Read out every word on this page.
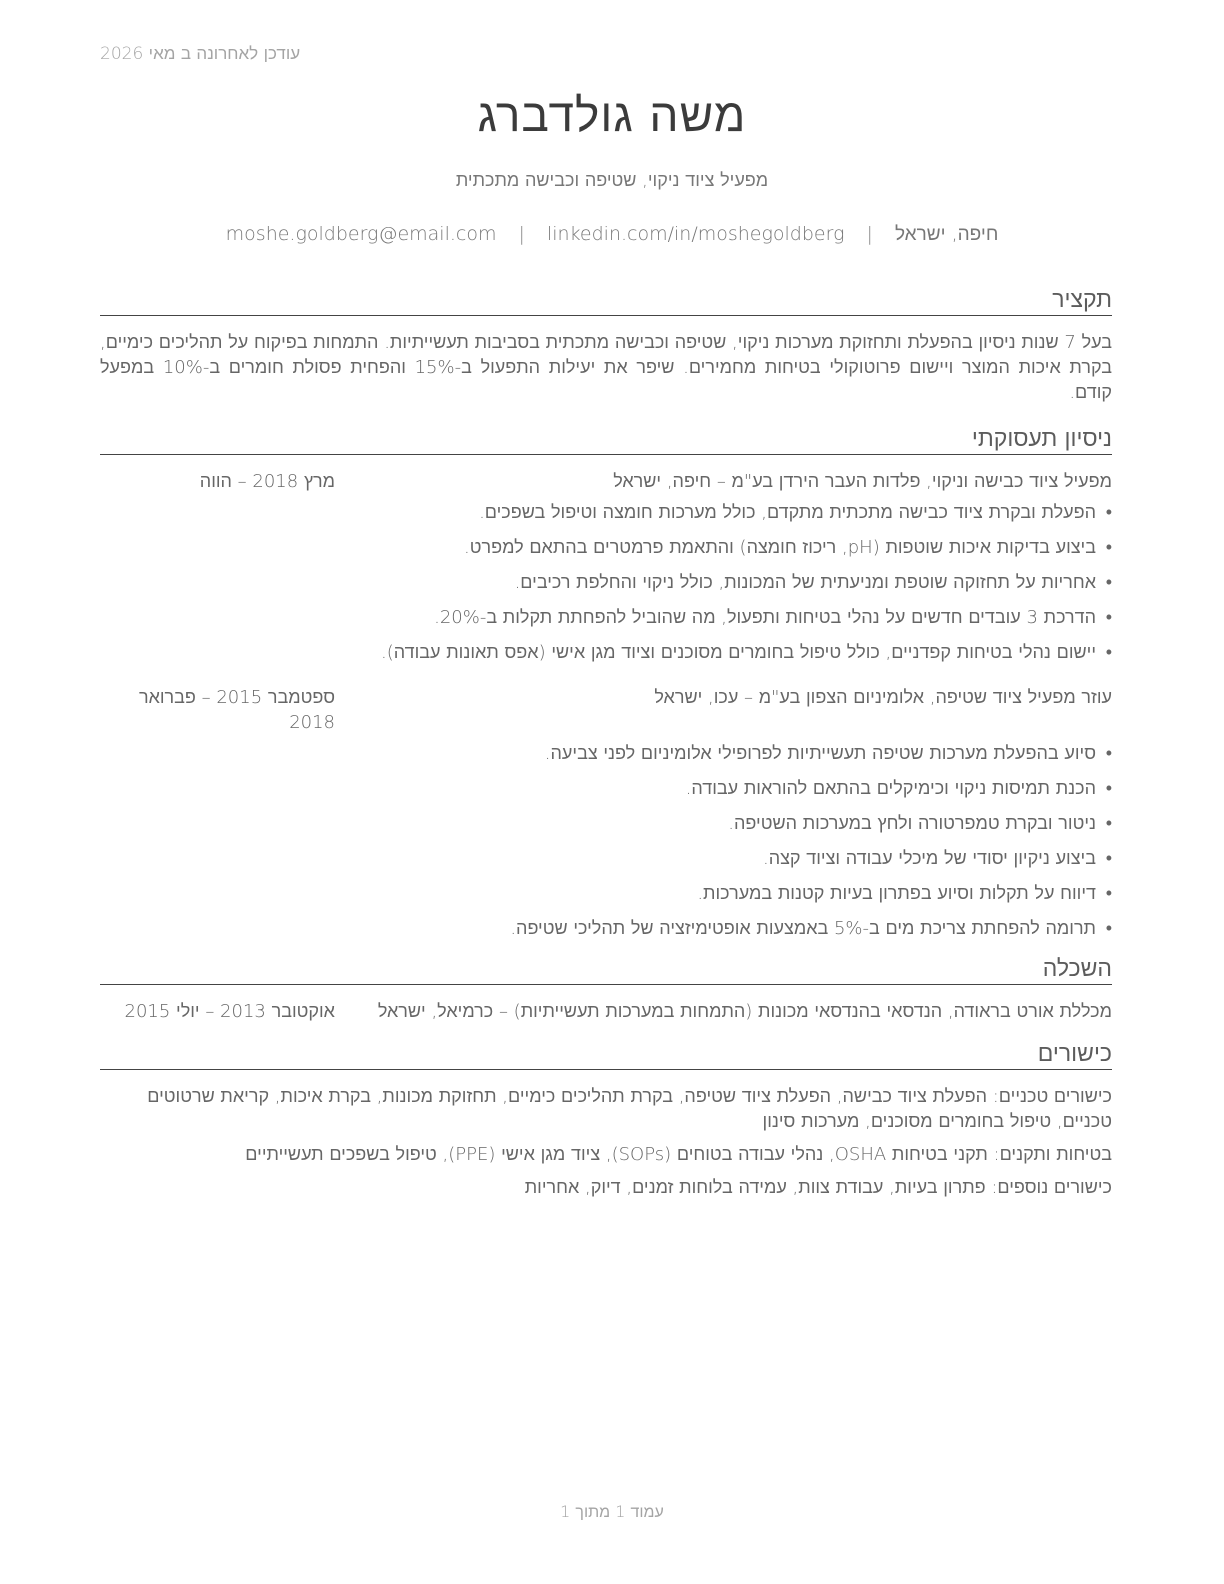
עודכן לאחרונה ב מאי 2026
משה גולדברג
מפעיל ציוד ניקוי, שטיפה וכבישה מתכתית
חיפה, ישראל | moshe.goldberg@email.com | linkedin.com/in/moshegoldberg
תקציר
בעל 7 שנות ניסיון בהפעלת ותחזוקת מערכות ניקוי, שטיפה וכבישה מתכתית בסביבות תעשייתיות. התמחות בפיקוח על תהליכים כימיים, בקרת איכות המוצר ויישום פרוטוקולי בטיחות מחמירים. שיפר את יעילות התפעול ב-15% והפחית פסולת חומרים ב-10% במפעל קודם.
ניסיון תעסוקתי
מפעיל ציוד כבישה וניקוי, פלדות העבר הירדן בע"מ – חיפה, ישראל
מרץ 2018 – הווה
•
הפעלת ובקרת ציוד כבישה מתכתית מתקדם, כולל מערכות חומצה וטיפול בשפכים.
•
ביצוע בדיקות איכות שוטפות (pH, ריכוז חומצה) והתאמת פרמטרים בהתאם למפרט.
•
אחריות על תחזוקה שוטפת ומניעתית של המכונות, כולל ניקוי והחלפת רכיבים.
•
הדרכת 3 עובדים חדשים על נהלי בטיחות ותפעול, מה שהוביל להפחתת תקלות ב-20%.
•
יישום נהלי בטיחות קפדניים, כולל טיפול בחומרים מסוכנים וציוד מגן אישי (אפס תאונות עבודה).
עוזר מפעיל ציוד שטיפה, אלומיניום הצפון בע"מ – עכו, ישראל
ספטמבר 2015 – פברואר 2018
•
סיוע בהפעלת מערכות שטיפה תעשייתיות לפרופילי אלומיניום לפני צביעה.
•
הכנת תמיסות ניקוי וכימיקלים בהתאם להוראות עבודה.
•
ניטור ובקרת טמפרטורה ולחץ במערכות השטיפה.
•
ביצוע ניקיון יסודי של מיכלי עבודה וציוד קצה.
•
דיווח על תקלות וסיוע בפתרון בעיות קטנות במערכות.
•
תרומה להפחתת צריכת מים ב-5% באמצעות אופטימיזציה של תהליכי שטיפה.
השכלה
מכללת אורט בראודה, הנדסאי בהנדסאי מכונות (התמחות במערכות תעשייתיות) – כרמיאל, ישראל
אוקטובר 2013 – יולי 2015
כישורים
כישורים טכניים: הפעלת ציוד כבישה, הפעלת ציוד שטיפה, בקרת תהליכים כימיים, תחזוקת מכונות, בקרת איכות, קריאת שרטוטים טכניים, טיפול בחומרים מסוכנים, מערכות סינון
בטיחות ותקנים: תקני בטיחות OSHA, נהלי עבודה בטוחים (SOPs), ציוד מגן אישי (PPE), טיפול בשפכים תעשייתיים
כישורים נוספים: פתרון בעיות, עבודת צוות, עמידה בלוחות זמנים, דיוק, אחריות
עמוד 1 מתוך 1
